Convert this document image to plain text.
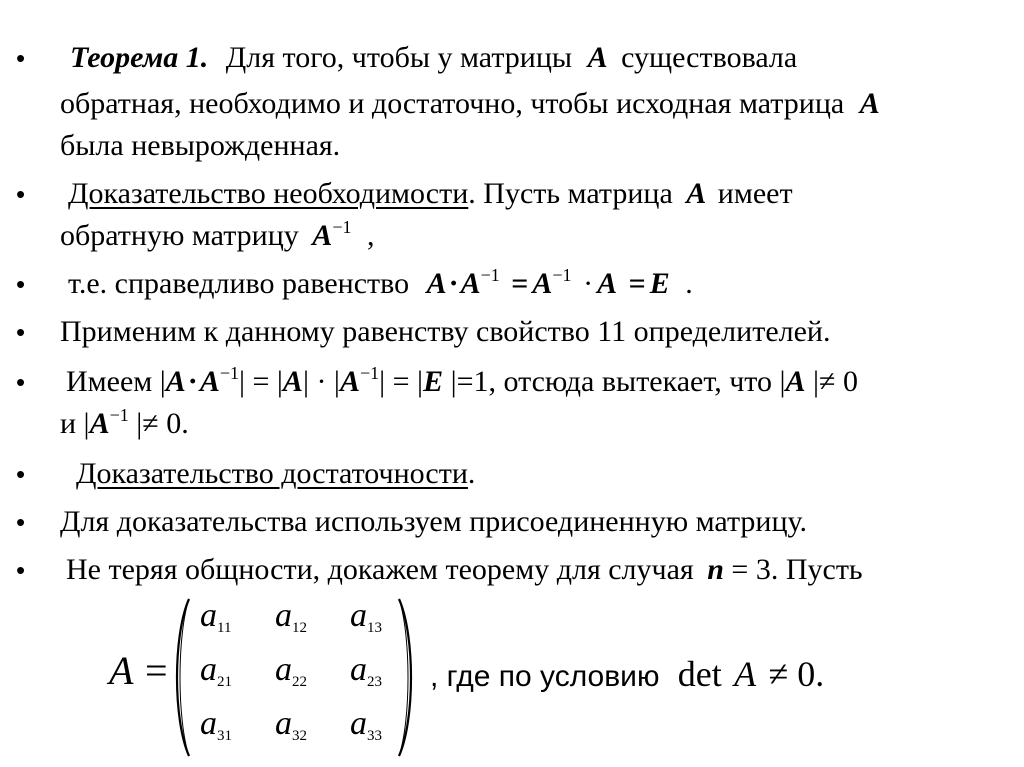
• Теорема 1. Для того, чтобы у матрицы A существовала
обратная, необходимо и достаточно, чтобы исходная матрица A
была невырожденная.
• Доказательство необходимости. Пусть матрица A имеет
обратную матрицу $A^{-1}$ ,
• т.е. справедливо равенство $A\cdot A^{-1} = A^{-1} \cdot A = E$ .
• Применим к данному равенству свойство 11 определителей.
• Имеем $|A\cdot A^{-1}| = |A| \cdot |A^{-1}| = |E$ |=1, отсюда вытекает, что |A |≠ 0
и $|A^{-1}$ |≠ 0.
• Доказательство достаточности.
• Для доказательства используем присоединенную матрицу.
• Не теряя общности, докажем теорему для случая n = 3. Пусть
A =
$a_{11}$ $a_{12}$ $a_{13}$
$a_{21}$ $a_{22}$ $a_{23}$
$a_{31}$ $a_{32}$ $a_{33}$
, где по условию det A ≠ 0.
